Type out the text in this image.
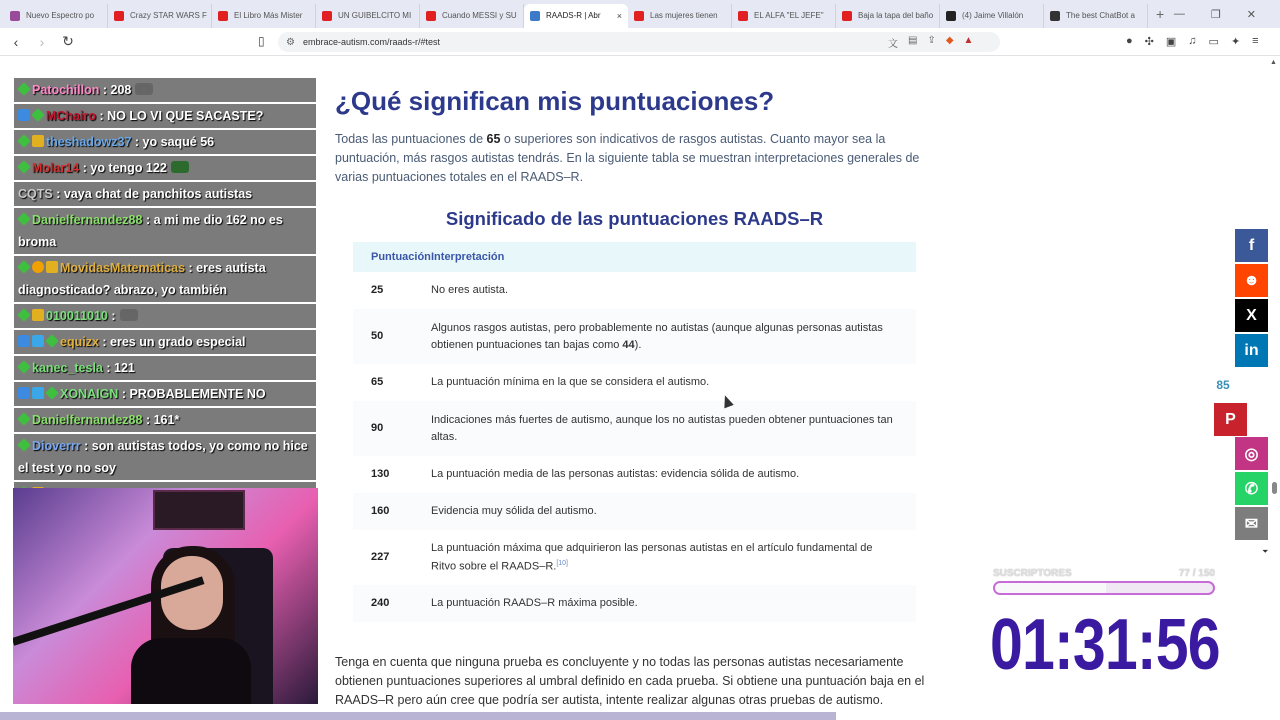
Nuevo Espectro po	Crazy STAR WARS F	El Libro Más Mister	UN GUIBELCITO MI	Cuando MESSI y SU	RAADS-R | Abr ×	Las mujeres tienen	EL ALFA "EL JEFE"	Baja la tapa del baño	(4) Jaime Villalón	The best ChatBot a + — ❐ ✕
‹	›	↻	▯ ⚙ embrace-autism.com/raads-r/#test	文 ▤ ⇪ ◆ ▲	● ✣ ▣ ♫ ▭ ✦ ≡
¿Qué significan mis puntuaciones?

Todas las puntuaciones de 65 o superiores son indicativos de rasgos autistas. Cuanto mayor sea la puntuación, más rasgos autistas tendrás. En la siguiente tabla se muestran interpretaciones generales de varias puntuaciones totales en el RAADS–R.

Significado de las puntuaciones RAADS–R
Puntuación	Interpretación
25	No eres autista.
50	Algunos rasgos autistas, pero probablemente no autistas (aunque algunas personas autistas obtienen puntuaciones tan bajas como 44).
65	La puntuación mínima en la que se considera el autismo.
90	Indicaciones más fuertes de autismo, aunque los no autistas pueden obtener puntuaciones tan altas.
130	La puntuación media de las personas autistas: evidencia sólida de autismo.
160	Evidencia muy sólida del autismo.
227	La puntuación máxima que adquirieron las personas autistas en el artículo fundamental de Ritvo sobre el RAADS–R.[10]
240	La puntuación RAADS–R máxima posible.

Tenga en cuenta que ninguna prueba es concluyente y no todas las personas autistas necesariamente obtienen puntuaciones superiores al umbral definido en cada prueba. Si obtiene una puntuación baja en el RAADS–R pero aún cree que podría ser autista, intente realizar algunas otras pruebas de autismo.

Patochillon : 208
MChairo : NO LO VI QUE SACASTE?
theshadowz37 : yo saqué 56
Molar14 : yo tengo 122
CQTS : vaya chat de panchitos autistas
Danielfernandez88 : a mi me dio 162 no es broma
MovidasMatematicas : eres autista diagnosticado? abrazo, yo también
010011010 :
equizx : eres un grado especial
kanec_tesla : 121
XONAIGN : PROBABLEMENTE NO
Danielfernandez88 : 161*
Dioverrr : son autistas todos, yo como no hice el test yo no soy
f
☻
X
in
85
P
◎
✆
✉
▲
⏷
SUSCRIPTORES	77 / 150
01:31:56
